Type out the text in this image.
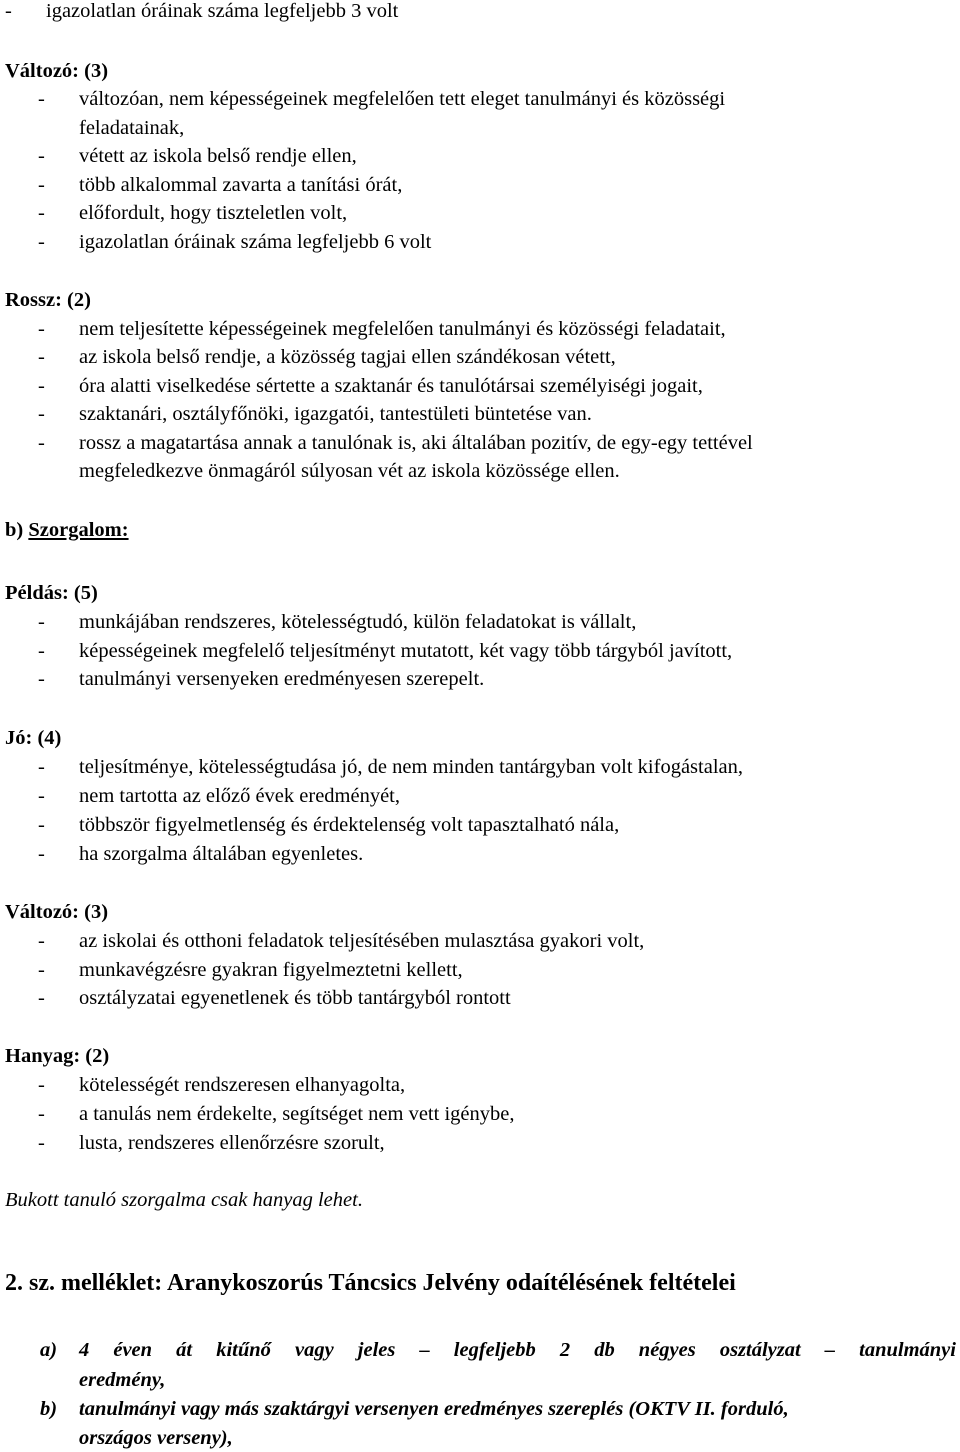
- igazolatlan óráinak száma legfeljebb 3 volt
Változó: (3)
- változóan, nem képességeinek megfelelően tett eleget tanulmányi és közösségi
feladatainak,
- vétett az iskola belső rendje ellen,
- több alkalommal zavarta a tanítási órát,
- előfordult, hogy tiszteletlen volt,
- igazolatlan óráinak száma legfeljebb 6 volt
Rossz: (2)
- nem teljesítette képességeinek megfelelően tanulmányi és közösségi feladatait,
- az iskola belső rendje, a közösség tagjai ellen szándékosan vétett,
- óra alatti viselkedése sértette a szaktanár és tanulótársai személyiségi jogait,
- szaktanári, osztályfőnöki, igazgatói, tantestületi büntetése van.
- rossz a magatartása annak a tanulónak is, aki általában pozitív, de egy-egy tettével
megfeledkezve önmagáról súlyosan vét az iskola közössége ellen.
b) Szorgalom:
Példás: (5)
- munkájában rendszeres, kötelességtudó, külön feladatokat is vállalt,
- képességeinek megfelelő teljesítményt mutatott, két vagy több tárgyból javított,
- tanulmányi versenyeken eredményesen szerepelt.
Jó: (4)
- teljesítménye, kötelességtudása jó, de nem minden tantárgyban volt kifogástalan,
- nem tartotta az előző évek eredményét,
- többször figyelmetlenség és érdektelenség volt tapasztalható nála,
- ha szorgalma általában egyenletes.
Változó: (3)
- az iskolai és otthoni feladatok teljesítésében mulasztása gyakori volt,
- munkavégzésre gyakran figyelmeztetni kellett,
- osztályzatai egyenetlenek és több tantárgyból rontott
Hanyag: (2)
- kötelességét rendszeresen elhanyagolta,
- a tanulás nem érdekelte, segítséget nem vett igénybe,
- lusta, rendszeres ellenőrzésre szorult,
Bukott tanuló szorgalma csak hanyag lehet.
2. sz. melléklet: Aranykoszorús Táncsics Jelvény odaítélésének feltételei
a) 4 éven át kitűnő vagy jeles – legfeljebb 2 db négyes osztályzat – tanulmányi
eredmény,
b) tanulmányi vagy más szaktárgyi versenyen eredményes szereplés (OKTV II. forduló,
országos verseny),
